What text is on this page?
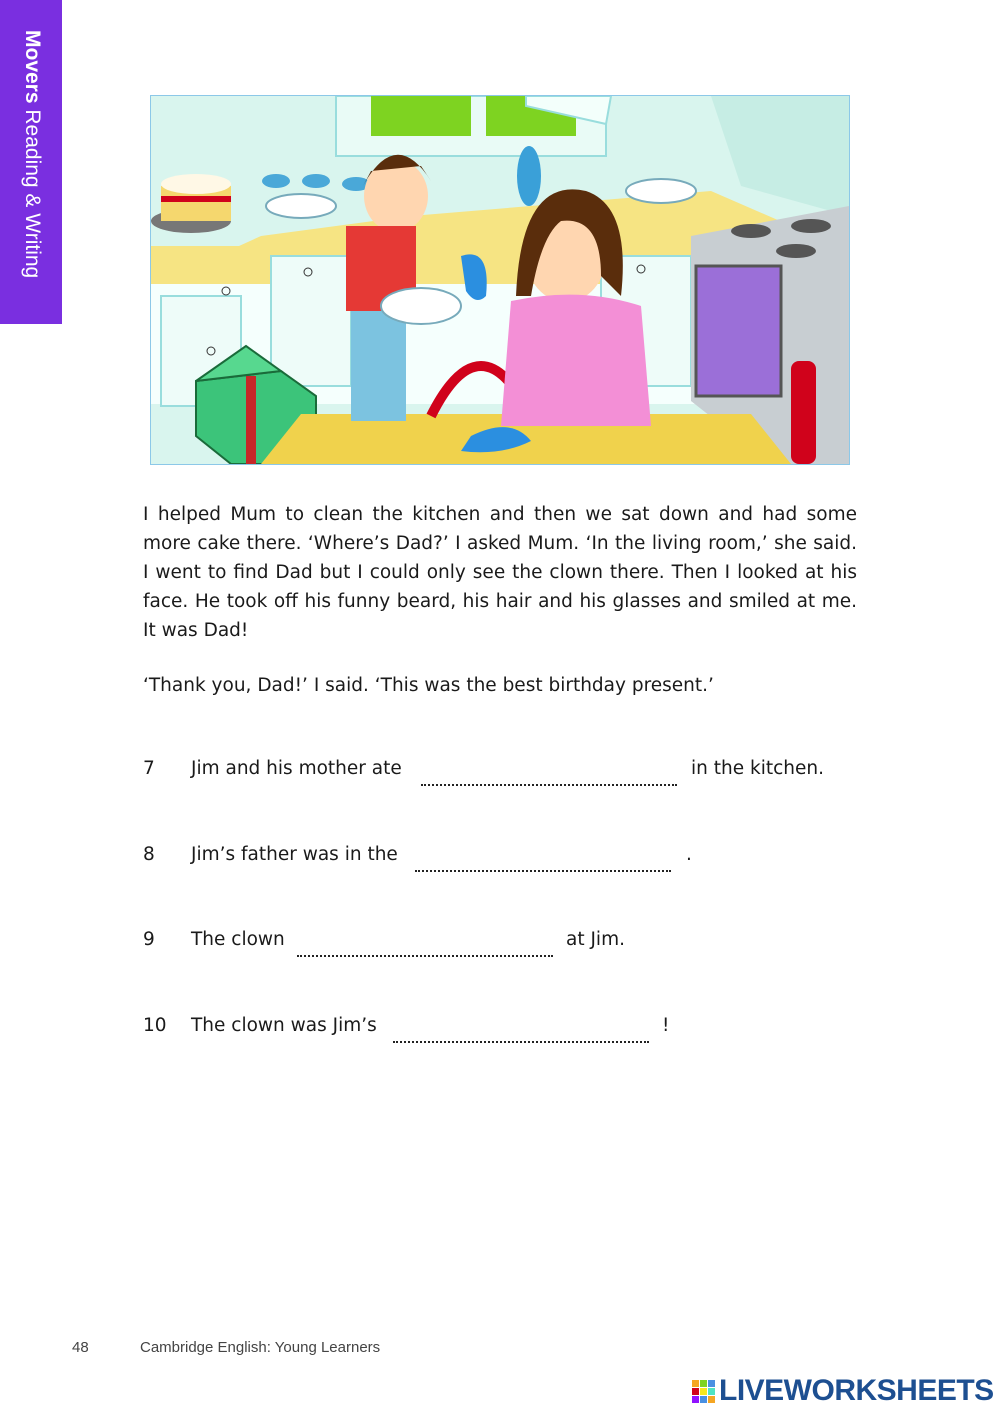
Movers Reading & Writing

I helped Mum to clean the kitchen and then we sat down and had some more cake there. ‘Where’s Dad?’ I asked Mum. ‘In the living room,’ she said. I went to find Dad but I could only see the clown there. Then I looked at his face. He took off his funny beard, his hair and his glasses and smiled at me. It was Dad!

‘Thank you, Dad!’ I said. ‘This was the best birthday present.’

7 Jim and his mother ate	in the kitchen.
8 Jim’s father was in the	.
9 The clown	at Jim.
10 The clown was Jim’s	!
48	Cambridge English: Young Learners
LIVEWORKSHEETS
